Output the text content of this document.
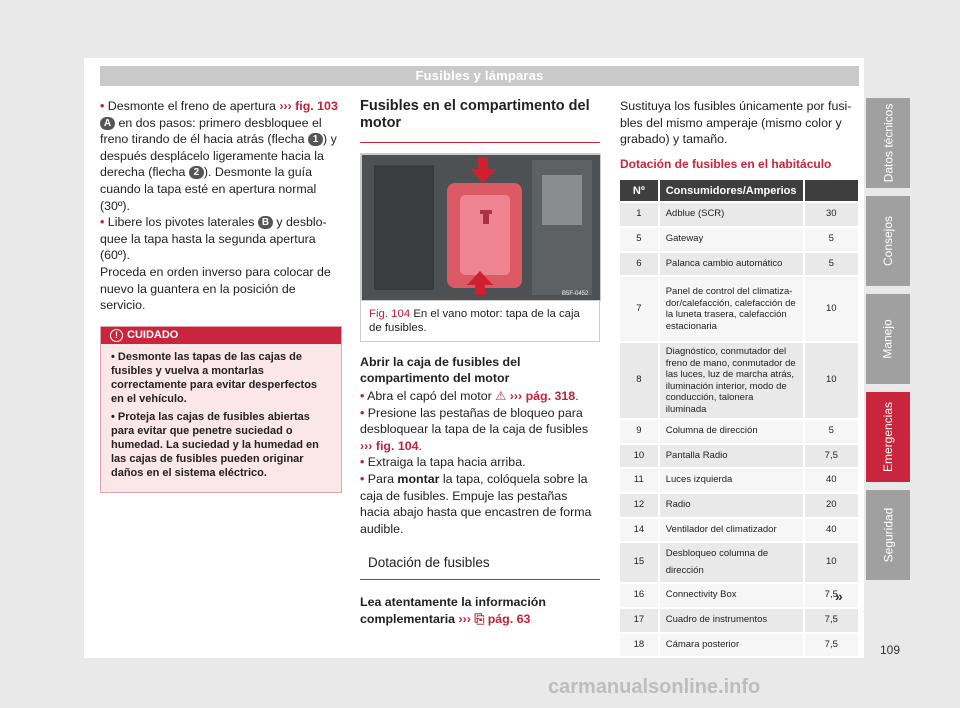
Fusibles y lámparas

• Desmonte el freno de apertura ››› fig. 103 A en dos pasos: primero desbloquee el freno tirando de él hacia atrás (flecha 1 ) y después desplácelo ligeramente hacia la derecha (flecha 2 ). Desmonte la guía cuando la tapa esté en apertura normal (30º).

• Libere los pivotes laterales B y desbloquee la tapa hasta la segunda apertura (60º).

Proceda en orden inverso para colocar de nuevo la guantera en la posición de servicio.

! CUIDADO
• Desmonte las tapas de las cajas de fusibles y vuelva a montarlas correctamente para evitar desperfectos en el vehículo.
• Proteja las cajas de fusibles abiertas para evitar que penetre suciedad o humedad. La suciedad y la humedad en las cajas de fusibles pueden originar daños en el sistema eléctrico.
Fusibles en el compartimento del motor
B5F-0452
Fig. 104 En el vano motor: tapa de la caja de fusibles.
Abrir la caja de fusibles del compartimento del motor

• Abra el capó del motor ⚠ ››› pág. 318.

• Presione las pestañas de bloqueo para desbloquear la tapa de la caja de fusibles ››› fig. 104.

• Extraiga la tapa hacia arriba.

• Para montar la tapa, colóquela sobre la caja de fusibles. Empuje las pestañas hacia abajo hasta que encastren de forma audible.

Dotación de fusibles

Lea atentamente la información complementaria ››› ⎘ pág. 63

Sustituya los fusibles únicamente por fusibles del mismo amperaje (mismo color y grabado) y tamaño.

Dotación de fusibles en el habitáculo
Nº	Consumidores/Amperios	
1	Adblue (SCR)	30
5	Gateway	5
6	Palanca cambio automático	5
7	Panel de control del climatizador/calefacción, calefacción de la luneta trasera, calefacción estacionaria	10
8	Diagnóstico, conmutador del freno de mano, conmutador de las luces, luz de marcha atrás, iluminación interior, modo de conducción, talonera iluminada	10
9	Columna de dirección	5
10	Pantalla Radio	7,5
11	Luces izquierda	40
12	Radio	20
14	Ventilador del climatizador	40
15	Desbloqueo columna de dirección	10
16	Connectivity Box	7,5
17	Cuadro de instrumentos	7,5
18	Cámara posterior	7,5
»
Datos técnicos
Consejos
Manejo
Emergencias
Seguridad
109
carmanualsonline.info
